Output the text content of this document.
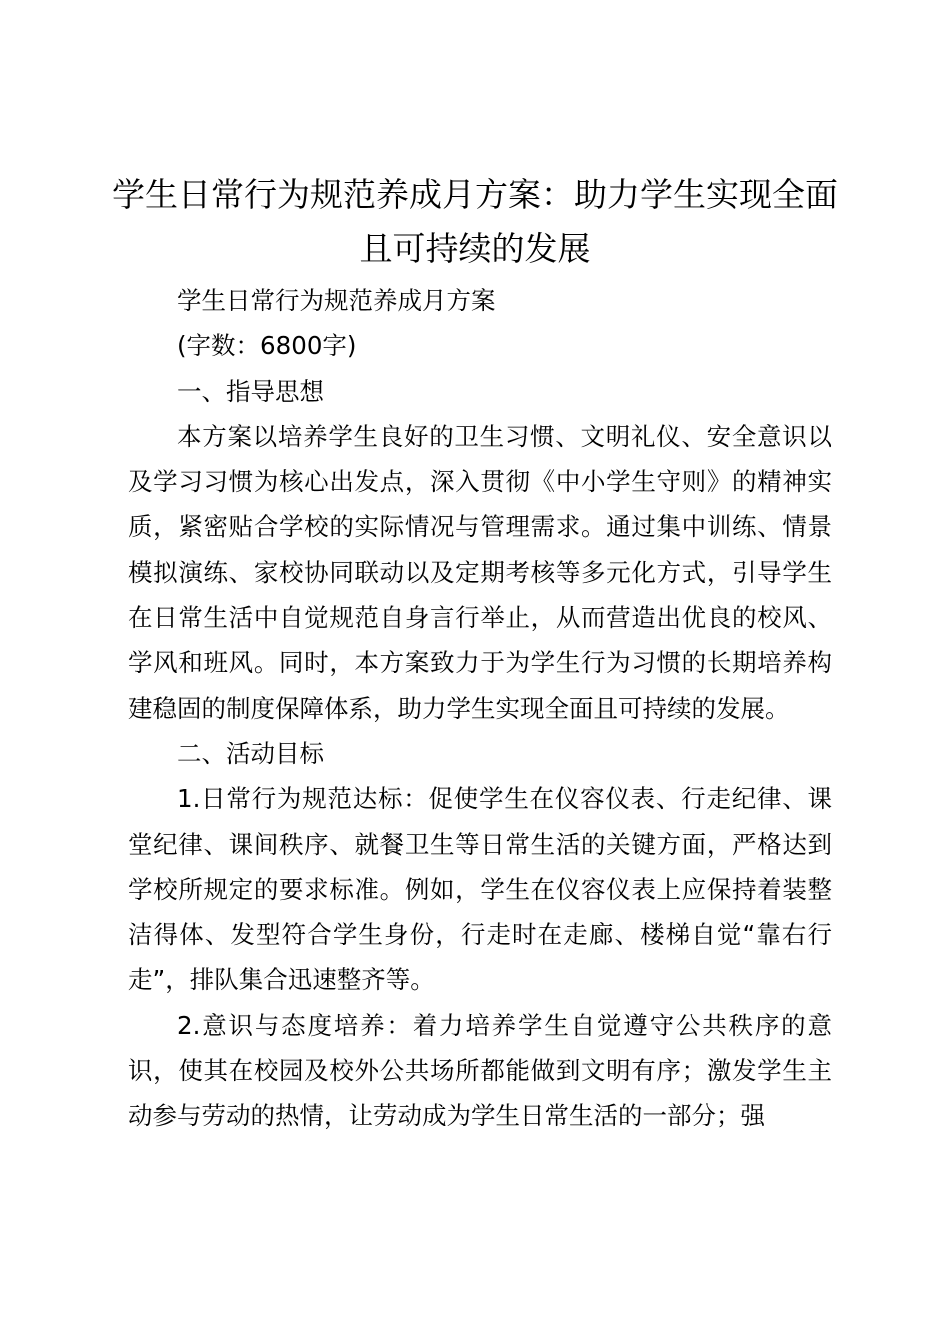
学生日常行为规范养成月方案：助力学生实现全面且可持续的发展

学生日常行为规范养成月方案

(字数：6800字)

一、指导思想

本方案以培养学生良好的卫生习惯、文明礼仪、安全意识以及学习习惯为核心出发点，深入贯彻《中小学生守则》的精神实质，紧密贴合学校的实际情况与管理需求。通过集中训练、情景模拟演练、家校协同联动以及定期考核等多元化方式，引导学生在日常生活中自觉规范自身言行举止，从而营造出优良的校风、学风和班风。同时，本方案致力于为学生行为习惯的长期培养构建稳固的制度保障体系，助力学生实现全面且可持续的发展。

二、活动目标

1.日常行为规范达标：促使学生在仪容仪表、行走纪律、课堂纪律、课间秩序、就餐卫生等日常生活的关键方面，严格达到学校所规定的要求标准。例如，学生在仪容仪表上应保持着装整洁得体、发型符合学生身份，行走时在走廊、楼梯自觉“靠右行走”，排队集合迅速整齐等。

2.意识与态度培养：着力培养学生自觉遵守公共秩序的意识，使其在校园及校外公共场所都能做到文明有序；激发学生主动参与劳动的热情，让劳动成为学生日常生活的一部分；强
